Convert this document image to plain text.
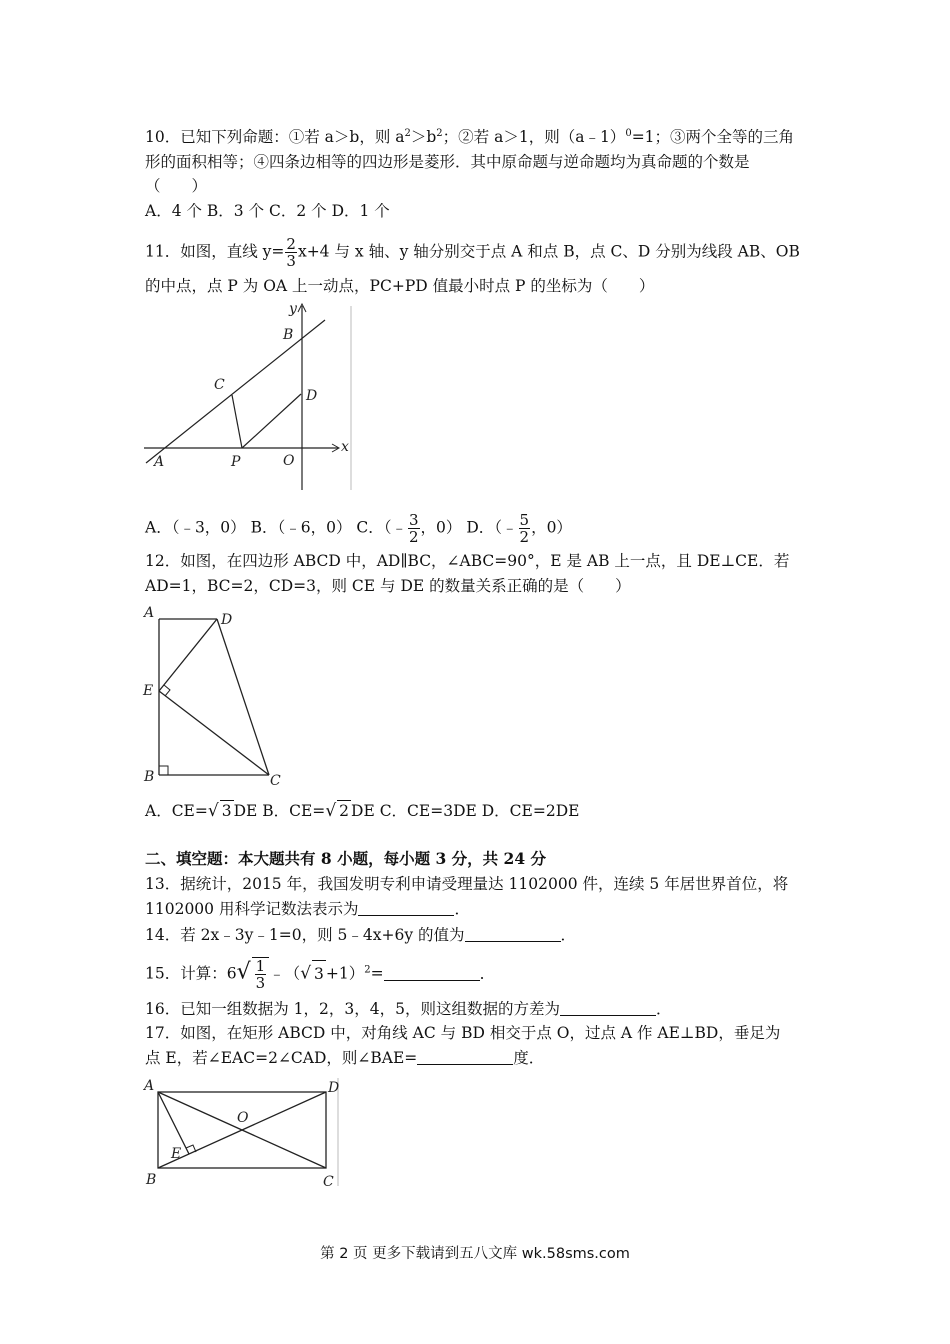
10．已知下列命题：①若 a＞b，则 $a^2>b^2$；②若 a＞1，则（a﹣1）$^0$=1；③两个全等的三角
形的面积相等；④四条边相等的四边形是菱形．其中原命题与逆命题均为真命题的个数是
（　　）
A．4 个 B．3 个 C．2 个 D．1 个
11．如图，直线 $y= \frac{2}{3} x+4$ 与 x 轴、y 轴分别交于点 A 和点 B，点 C、D 分别为线段 AB、OB
的中点，点 P 为 OA 上一动点，PC+PD 值最小时点 P 的坐标为（　　）
y
x
B
C
D
A	P	O
A．（﹣3，0） B．（﹣6，0） C．（﹣ $\frac{3}{2}$ ，0） D．（﹣ $\frac{5}{2}$ ，0）
12．如图，在四边形 ABCD 中，AD∥BC，∠ABC=90°，E 是 AB 上一点，且 DE⊥CE．若
AD=1，BC=2，CD=3，则 CE 与 DE 的数量关系正确的是（　　）
A	D
E
B	C
A．CE=√ 3 DE B．CE=√ 2 DE C．CE=3DE D．CE=2DE
二、填空题：本大题共有 8 小题，每小题 3 分，共 24 分
13．据统计，2015 年，我国发明专利申请受理量达 1102000 件，连续 5 年居世界首位，将
1102000 用科学记数法表示为	．
14．若 2x﹣3y﹣1=0，则 5﹣4x+6y 的值为	．
15．计算：$6√ \frac{1}{3}$ ﹣（√ 3 +1）$^2$=	．
16．已知一组数据为 1，2，3，4，5，则这组数据的方差为	．
17．如图，在矩形 ABCD 中，对角线 AC 与 BD 相交于点 O，过点 A 作 AE⊥BD，垂足为
点 E，若∠EAC=2∠CAD，则∠BAE=	度．
A	D
O
E
B	C
第 2 页 更多下载请到五八文库 wk.58sms.com
